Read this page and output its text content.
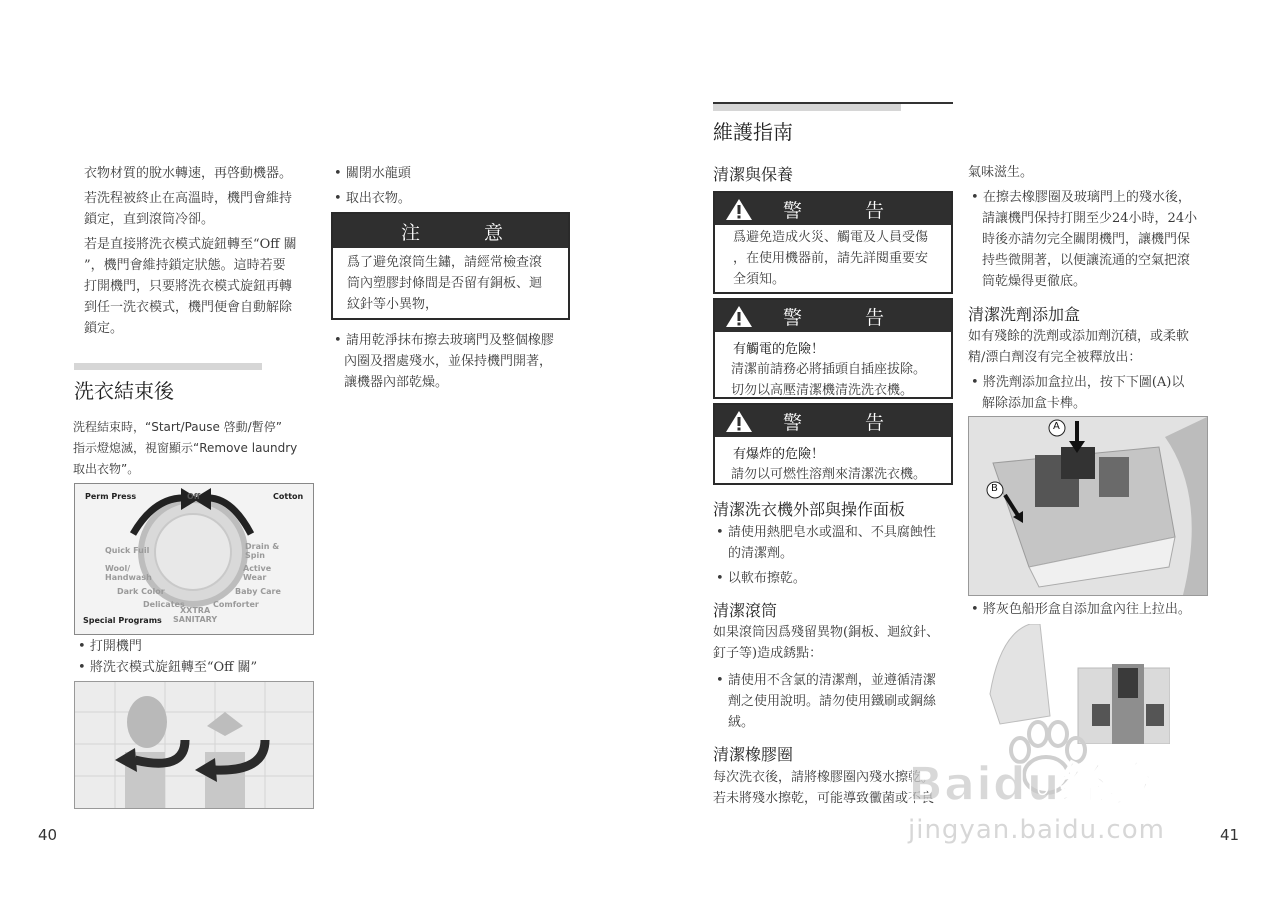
衣物材質的脫水轉速，再啓動機器。

若洗程被終止在高溫時，機門會維持

鎖定，直到滾筒冷卻。

若是直接將洗衣模式旋鈕轉至“Off 關

”，機門會維持鎖定狀態。這時若要

打開機門，只要將洗衣模式旋鈕再轉

到任一洗衣模式，機門便會自動解除

鎖定。

洗衣結束後

洗程結束時，“Start/Pause 啓動/暫停”

指示燈熄滅，視窗顯示“Remove laundry

取出衣物”。

Perm Press	Off	Cotton
Quick Fuil
Wool/
Handwash
Dark Color
Delicates
XXTRA
SANITARY
Comforter
Baby Care
Active
Wear
Drain &
Spin
Special Programs

• 打開機門

• 將洗衣模式旋鈕轉至“Off 關”

• 關閉水龍頭

• 取出衣物。

注	意

爲了避免滾筒生鏽，請經常檢查滾

筒內塑膠封條間是否留有銅板、迴

紋針等小異物，

• 請用乾淨抹布擦去玻璃門及整個橡膠

內圈及摺處殘水，並保持機門開著，

讓機器內部乾燥。

40
維護指南
清潔與保養
警	告

爲避免造成火災、觸電及人員受傷

，在使用機器前，請先詳閱重要安

全須知。

警	告

有觸電的危險！

清潔前請務必將插頭自插座拔除。

切勿以高壓清潔機清洗洗衣機。

警	告

有爆炸的危險！

請勿以可燃性溶劑來清潔洗衣機。

清潔洗衣機外部與操作面板

• 請使用熱肥皂水或溫和、不具腐蝕性

的清潔劑。

• 以軟布擦乾。

清潔滾筒

如果滾筒因爲殘留異物(銅板、迴紋針、

釘子等)造成銹點：

• 請使用不含氯的清潔劑，並遵循清潔

劑之使用說明。請勿使用鐵刷或鋼絲

絨。

清潔橡膠圈

每次洗衣後，請將橡膠圈內殘水擦乾。

若未將殘水擦乾，可能導致黴菌或不良

氣味滋生。

• 在擦去橡膠圈及玻璃門上的殘水後，

請讓機門保持打開至少24小時，24小

時後亦請勿完全關閉機門，讓機門保

持些微開著，以便讓流通的空氣把滾

筒乾燥得更徹底。

清潔洗劑添加盒

如有殘餘的洗劑或添加劑沉積，或柔軟

精/漂白劑沒有完全被釋放出：

• 將洗劑添加盒拉出，按下下圖(A)以

解除添加盒卡榫。

A
B

• 將灰色船形盒自添加盒內往上拉出。

41
Baidu经验
jingyan.baidu.com
